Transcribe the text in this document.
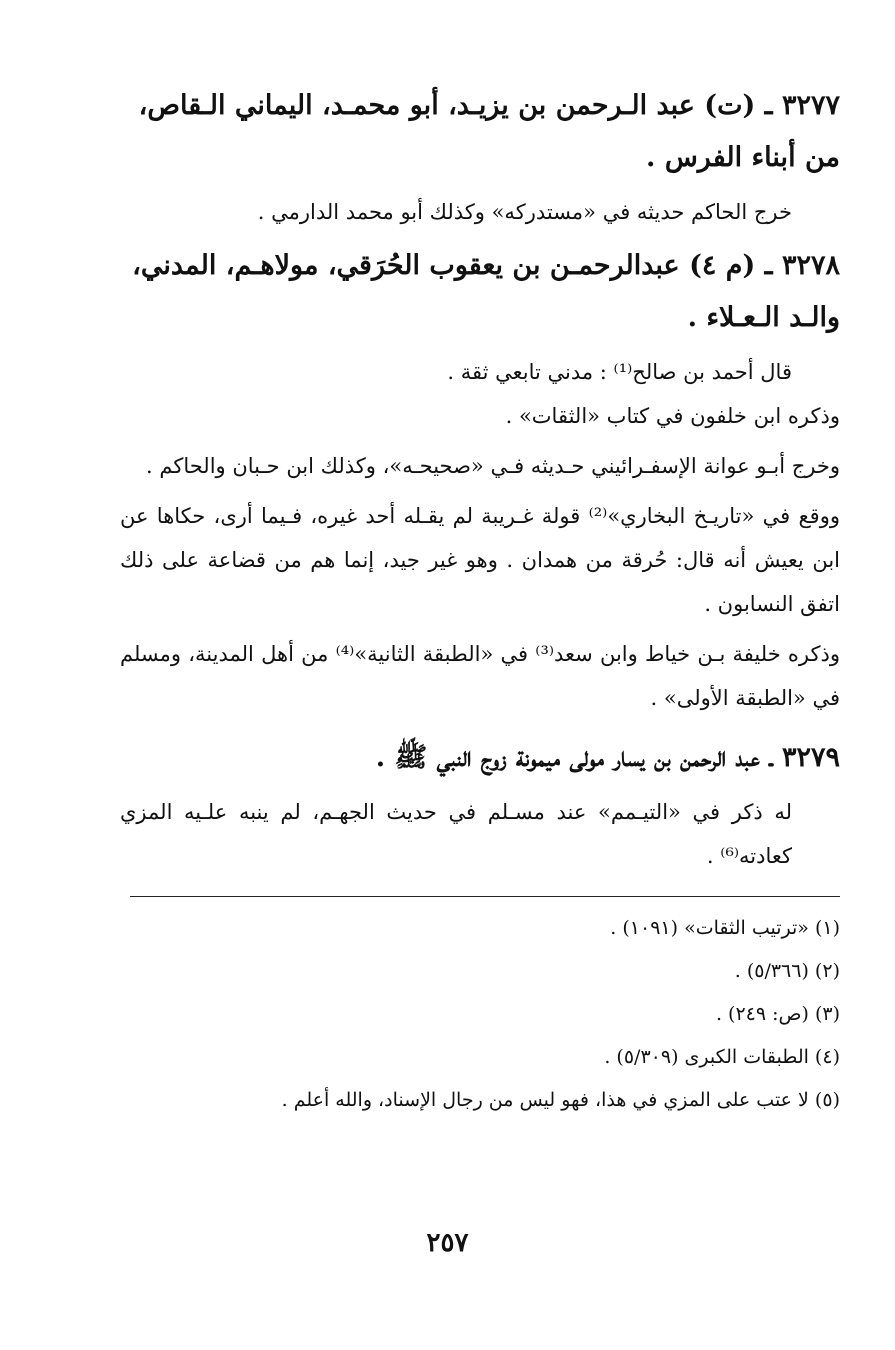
٣٢٧٧ ـ (ت) عبد الـرحمن بن يزيـد، أبو محمـد، اليماني الـقاص، من أبناء الفرس .

خرج الحاكم حديثه في «مستدركه» وكذلك أبو محمد الدارمي .

٣٢٧٨ ـ (م ٤) عبدالرحمـن بن يعقوب الحُرَقي، مولاهـم، المدني، والـد الـعـلاء .

قال أحمد بن صالح⁽¹⁾ : مدني تابعي ثقة .

وذكره ابن خلفون في كتاب «الثقات» .

وخرج أبـو عوانة الإسفـرائيني حـديثه فـي «صحيحـه»، وكذلك ابن حـبان والحاكم .

ووقع في «تاريـخ البخاري»⁽²⁾ قولة غـريبة لم يقـله أحد غيره، فـيما أرى، حكاها عن ابن يعيش أنه قال: حُرقة من همدان . وهو غير جيد، إنما هم من قضاعة على ذلك اتفق النسابون .

وذكره خليفة بـن خياط وابن سعد⁽³⁾ في «الطبقة الثانية»⁽⁴⁾ من أهل المدينة، ومسلم في «الطبقة الأولى» .

٣٢٧٩ ـ عبد الرحمن بن يسار مولى ميمونة زوج النبي ﷺ .

له ذكر في «التيـمم» عند مسـلم في حديث الجهـم، لم ينبه علـيه المزي كعادته⁽⁶⁾ .

(١) «ترتيب الثقات» (١٠٩١) .

(٢) (٥/٣٦٦) .

(٣) (ص: ٢٤٩) .

(٤) الطبقات الكبرى (٥/٣٠٩) .

(٥) لا عتب على المزي في هذا، فهو ليس من رجال الإسناد، والله أعلم .

٢٥٧
